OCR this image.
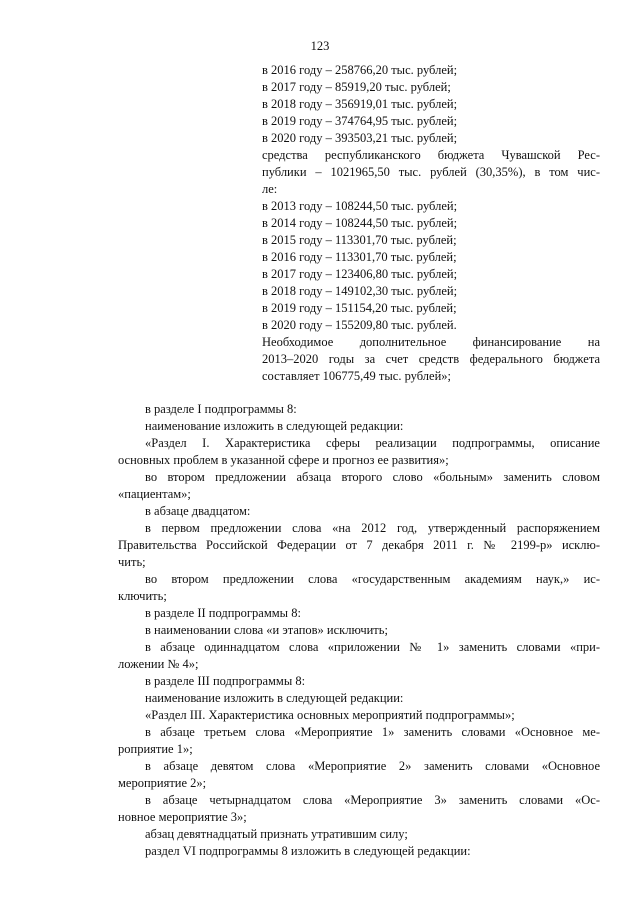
123
в 2016 году – 258766,20 тыс. рублей;
в 2017 году – 85919,20 тыс. рублей;
в 2018 году – 356919,01 тыс. рублей;
в 2019 году – 374764,95 тыс. рублей;
в 2020 году – 393503,21 тыс. рублей;
средства республиканского бюджета Чувашской Рес-
публики – 1021965,50 тыс. рублей (30,35%), в том чис-
ле:
в 2013 году – 108244,50 тыс. рублей;
в 2014 году – 108244,50 тыс. рублей;
в 2015 году – 113301,70 тыс. рублей;
в 2016 году – 113301,70 тыс. рублей;
в 2017 году – 123406,80 тыс. рублей;
в 2018 году – 149102,30 тыс. рублей;
в 2019 году – 151154,20 тыс. рублей;
в 2020 году – 155209,80 тыс. рублей.
Необходимое дополнительное финансирование на
2013–2020 годы за счет средств федерального бюджета
составляет 106775,49 тыс. рублей»;
в разделе I подпрограммы 8:
наименование изложить в следующей редакции:
«Раздел I. Характеристика сферы реализации подпрограммы, описание
основных проблем в указанной сфере и прогноз ее развития»;
во втором предложении абзаца второго слово «больным» заменить словом
«пациентам»;
в абзаце двадцатом:
в первом предложении слова «на 2012 год, утвержденный распоряжением
Правительства Российской Федерации от 7 декабря 2011 г. № 2199-р» исклю-
чить;
во втором предложении слова «государственным академиям наук,» ис-
ключить;
в разделе II подпрограммы 8:
в наименовании слова «и этапов» исключить;
в абзаце одиннадцатом слова «приложении № 1» заменить словами «при-
ложении № 4»;
в разделе III подпрограммы 8:
наименование изложить в следующей редакции:
«Раздел III. Характеристика основных мероприятий подпрограммы»;
в абзаце третьем слова «Мероприятие 1» заменить словами «Основное ме-
роприятие 1»;
в абзаце девятом слова «Мероприятие 2» заменить словами «Основное
мероприятие 2»;
в абзаце четырнадцатом слова «Мероприятие 3» заменить словами «Ос-
новное мероприятие 3»;
абзац девятнадцатый признать утратившим силу;
раздел VI подпрограммы 8 изложить в следующей редакции:
